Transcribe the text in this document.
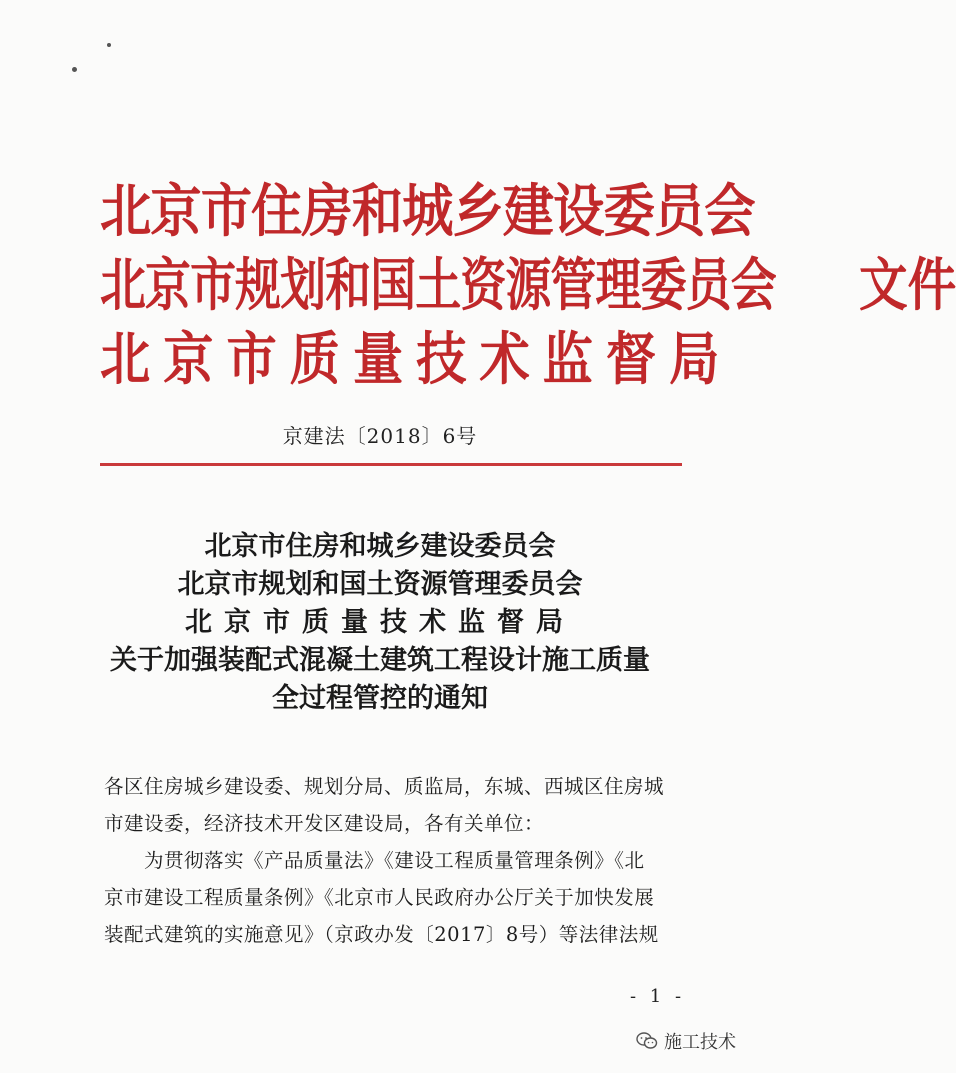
北京市住房和城乡建设委员会
北京市规划和国土资源管理委员会 文件
北京市质量技术监督局
京建法〔2018〕6号
北京市住房和城乡建设委员会
北京市规划和国土资源管理委员会
北京市质量技术监督局
关于加强装配式混凝土建筑工程设计施工质量
全过程管控的通知
各区住房城乡建设委、规划分局、质监局，东城、西城区住房城
市建设委，经济技术开发区建设局，各有关单位：
为贯彻落实《产品质量法》《建设工程质量管理条例》《北
京市建设工程质量条例》《北京市人民政府办公厅关于加快发展
装配式建筑的实施意见》（京政办发〔2017〕8号）等法律法规
- 1 -
施工技术
